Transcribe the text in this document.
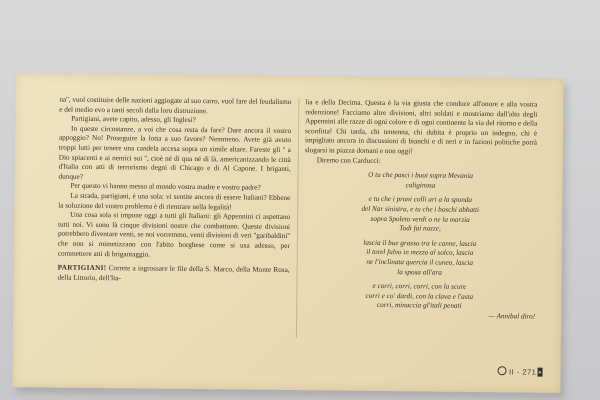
na'', vuol costituire delle nazioni aggiogate al suo carro, vuol fare del feudalismo e del medio evo a tanti secoli dalla loro distruzione.

Partigiani, avete capito, adesso, gli Inglesi?

In queste circostanze, a voi che cosa resta da fare? Dare ancora il vostro appoggio? No! Proseguire la lotta a suo favore? Nemmeno. Avete già avuto troppi lutti per tenere una candela accesa sopra un simile altare. Fareste gli '' a Dio spiacenti e ai nemici sui '', cioè né di qua né di là, americanizzando le città d'Italia con atti di terrorismo degni di Chicago e di Al Capone. I briganti, dunque?

Per questo vi hanno messo al mondo vostra madre e vostro padre?

La strada, partigiani, è una sola: vi sentite ancora di essere Italiani? Ebbene la soluzione del vostro problema è di rientrare nella legalità!

Una cosa sola si impone oggi a tutti gli Italiani: gli Appennini ci aspettano tutti noi. Vi sono là cinque divisioni nostre che combattono. Queste divisioni potrebbero diventare venti, se noi vorremmo, venti divisioni di veri ''garibaldini'' che non si mimetizzano con l'abito borghese come si usa adesso, per commettere atti di brigantaggio.

PARTIGIANI! Correte a ingrossare le file della S. Marco, della Monte Rosa, della Littorio, dell'Ita-

lia e della Decima. Questa è la via giusta che conduce all'onore e alla vostra redenzione! Facciamo altre divisioni, altri soldati e mostriamo dall'alto degli Appennini alle razze di ogni colore e di ogni continente la via del ritorno e della sconfitta! Chi tarda, chi tentenna, chi dubita è proprio un indegno, chi è impigliato ancora in discussioni di bianchi e di neri e in fazioni politiche potrà slogarsi in piazza domani e non oggi!

Diremo con Carducci:

O tu che pasci i buoi sopra Mevania
caliginosa
e tu che i proni colli ari a la sponda
del Nar sinistra, e tu che i boschi abbatti
sopra Spoleto verdi o ne la marzia
Todi fai nozze,
lascia il bue grasso tra le canne, lascia
il torel fulvo in mezzo al solco, lascia
ne l'inclinata quercia il cuneo, lascia
la sposa all'ara
e corri, corri, corri, con la scure
corri e co' dardi, con la clava e l'asta
corri, minaccia gl'itali penati
— Annibal diro!
II - 271 ▪
